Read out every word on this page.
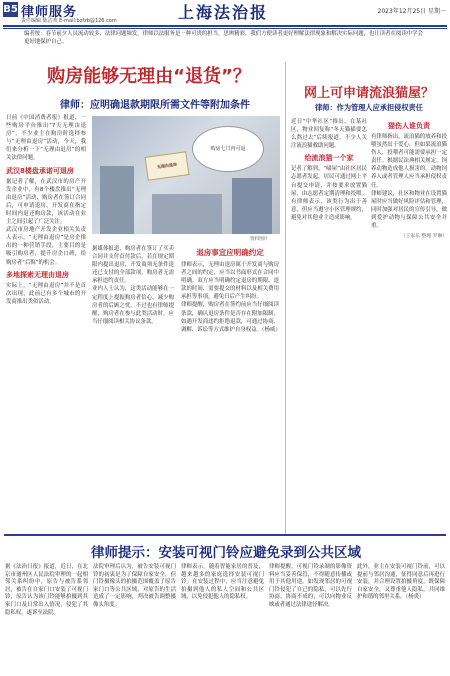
B5 律师服务
责任编辑 陈洁欢 E-mail:bzfzb@126.com	上海法治报	2023年12月25日 星期一
编者按：春节前夕人员流动较多，法律问题频发，律师以法服务是一种可贵的担当。思辨精彩，我们方便读者更好理解法律现象和解决实际问题，也让读者在阅读中学会更好地保护自己。
购房能够无理由“退货”？
律师：应明确退款期限所需文件等附加条件
日前《中国消费者报》报道，一些购房平台推出“7天无理由退房”，不少业主在购房时选择参与“无理由退房”活动，今天，我们来分析一下“无理由退房”的相关法律问题。
武汉8楼盘承诺可退房
据记者了解，在武汉市的房产开发企业中，有8个楼盘推出“无理由退房”活动，购房者在签订合同后，可申请退房，开发商在指定时间内退还购房款，该活动在业主之间引起了广泛关注。
武汉市房地产开发企业相关负责人表示，“无理由退房”是房企推出的一种营销手段，主要目的是吸引购房者，提升房企口碑，给购房者“后悔”的机会。
多地探索无理由退房
实际上，“无理由退房”并不是首次出现，此前已有多个城市的开发商推出类似活动。
无理由退房
购房七日内可退
资料图片
据媒体报道，购房者在签订了买卖合同并支付首付款后，若在规定期限内提出退房，开发商须无条件退还已支付的全部款项，购房者无需承担违约责任。
业内人士认为，这类活动能够在一定程度上提振购房者信心，减少购房者的后顾之忧。不过也有律师提醒，购房者在参与此类活动时，应当仔细阅读相关协议条款。
退房事宜应明确约定
律师表示，无理由退房属于开发商与购房者之间的约定，应当以书面形式在合同中明确。双方应当明确约定退房的期限、退款的时间、需要提交的材料以及相关费用承担等事项，避免日后产生纠纷。
律师提醒，购房者在签约前应当仔细阅读条款，确认退房条件是否存在附加限制，如遇开发商违约拒绝退款，可通过协商、调解、诉讼等方式维护自身权益。（杨威）
网上可申请流浪猫屋？
律师：作为管理人应承担侵权责任
近日“中华社区”推出，在某社区，物业回复称“冬天猫猫要怎么熬过去”后续报道，不少人关注流浪猫救助问题。
给流浪猫一个家
记者了解到，“喵屋”由社区居民志愿者发起，居民可通过网上平台提交申请，并按要求放置猫屋，由志愿者定期清理和投喂。有律师表示，该类行为出于善意，但应当遵守小区管理规约，避免对其他业主造成影响。
猫伤人谁负责
有律师指出，流浪猫的放养和投喂虽然出于爱心，但如果流浪猫伤人，投喂者可能需要承担一定责任。根据民法典相关规定，饲养动物造成他人损害的，动物饲养人或者管理人应当承担侵权责任。
律师建议，社区和物业在设置猫屋时应当做好风险评估和管理，同时加强对居民的宣传引导，做到爱护动物与保障公共安全并重。
（王家乐 整理 罗琳）
律师提示：安装可视门铃应避免录到公共区域
据《法治日报》报道，近日，在北京市通州区人民法院审理的一起相邻关系纠纷中，原告与被告系邻居，被告在自家门口安装了可视门铃，原告认为该门铃能够拍摄到其家门口及日常出入情况，侵犯了其隐私权，遂诉至法院。
法院审理后认为，被告安装可视门铃的初衷是为了保障自家安全，但门铃摄像头的拍摄范围覆盖了原告家门口等公共区域，对原告的生活造成了一定影响，判决被告调整摄像头角度。
律师表示，随着智能家居的普及，越来越多的家庭选择安装可视门铃。在安装过程中，应当注意避免拍摄到他人的私人空间和公共区域，以免侵犯他人的隐私权。
律师提醒，可视门铃录制的影像资料应当妥善保管，不得随意传播或用于其他用途。如发现邻居的可视门铃侵犯了自己的隐私，可以先行协商，协商不成的，可以向物业反映或者通过法律途径解决。
此外，业主在安装可视门铃前，可以提前与邻居沟通，征得同意后再进行安装，并合理设置拍摄角度，既保障自家安全，又尊重他人隐私，共同维护和谐的邻里关系。（杨炎）
